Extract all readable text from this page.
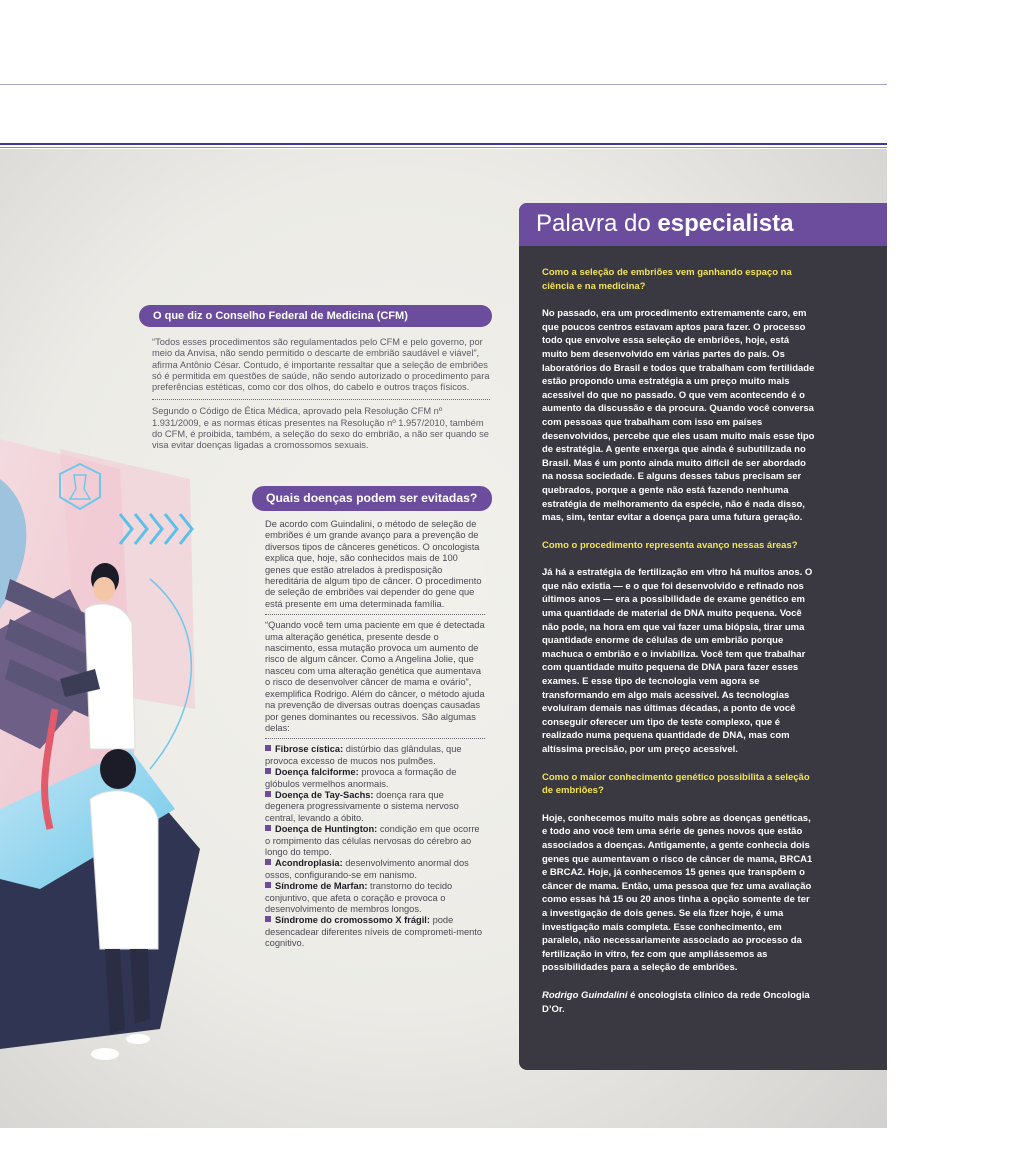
O que diz o Conselho Federal de Medicina (CFM)

“Todos esses procedimentos são regulamentados pelo CFM e pelo governo, por meio da Anvisa, não sendo permitido o descarte de embrião saudável e viável”, afirma Antônio César. Contudo, é importante ressaltar que a seleção de embriões só é permitida em questões de saúde, não sendo autorizado o procedimento para preferências estéticas, como cor dos olhos, do cabelo e outros traços físicos.

Segundo o Código de Ética Médica, aprovado pela Resolução CFM nº 1.931/2009, e as normas éticas presentes na Resolução nº 1.957/2010, também do CFM, é proibida, também, a seleção do sexo do embrião, a não ser quando se visa evitar doenças ligadas a cromossomos sexuais.

Quais doenças podem ser evitadas?

De acordo com Guindalini, o método de seleção de embriões é um grande avanço para a prevenção de diversos tipos de cânceres genéticos. O oncologista explica que, hoje, são conhecidos mais de 100 genes que estão atrelados à predisposição hereditária de algum tipo de câncer. O procedimento de seleção de embriões vai depender do gene que está presente em uma determinada família.

“Quando você tem uma paciente em que é detectada uma alteração genética, presente desde o nascimento, essa mutação provoca um aumento de risco de algum câncer. Como a Angelina Jolie, que nasceu com uma alteração genética que aumentava o risco de desenvolver câncer de mama e ovário”, exemplifica Rodrigo. Além do câncer, o método ajuda na prevenção de diversas outras doenças causadas por genes dominantes ou recessivos. São algumas delas:

Fibrose cística: distúrbio das glândulas, que provoca excesso de mucos nos pulmões.

Doença falciforme: provoca a formação de glóbulos vermelhos anormais.

Doença de Tay-Sachs: doença rara que degenera progressivamente o sistema nervoso central, levando a óbito.

Doença de Huntington: condição em que ocorre o rompimento das células nervosas do cérebro ao longo do tempo.

Acondroplasia: desenvolvimento anormal dos ossos, configurando-se em nanismo.

Síndrome de Marfan: transtorno do tecido conjuntivo, que afeta o coração e provoca o desenvolvimento de membros longos.

Síndrome do cromossomo X frágil: pode desencadear diferentes níveis de comprometi-mento cognitivo.

Palavra do especialista

Como a seleção de embriões vem ganhando espaço na ciência e na medicina?

No passado, era um procedimento extremamente caro, em que poucos centros estavam aptos para fazer. O processo todo que envolve essa seleção de embriões, hoje, está muito bem desenvolvido em várias partes do país. Os laboratórios do Brasil e todos que trabalham com fertilidade estão propondo uma estratégia a um preço muito mais acessível do que no passado. O que vem acontecendo é o aumento da discussão e da procura. Quando você conversa com pessoas que trabalham com isso em países desenvolvidos, percebe que eles usam muito mais esse tipo de estratégia. A gente enxerga que ainda é subutilizada no Brasil. Mas é um ponto ainda muito difícil de ser abordado na nossa sociedade. E alguns desses tabus precisam ser quebrados, porque a gente não está fazendo nenhuma estratégia de melhoramento da espécie, não é nada disso, mas, sim, tentar evitar a doença para uma futura geração.

Como o procedimento representa avanço nessas áreas?

Já há a estratégia de fertilização em vitro há muitos anos. O que não existia — e o que foi desenvolvido e refinado nos últimos anos — era a possibilidade de exame genético em uma quantidade de material de DNA muito pequena. Você não pode, na hora em que vai fazer uma biópsia, tirar uma quantidade enorme de células de um embrião porque machuca o embrião e o inviabiliza. Você tem que trabalhar com quantidade muito pequena de DNA para fazer esses exames. E esse tipo de tecnologia vem agora se transformando em algo mais acessível. As tecnologias evoluíram demais nas últimas décadas, a ponto de você conseguir oferecer um tipo de teste complexo, que é realizado numa pequena quantidade de DNA, mas com altíssima precisão, por um preço acessível.

Como o maior conhecimento genético possibilita a seleção de embriões?

Hoje, conhecemos muito mais sobre as doenças genéticas, e todo ano você tem uma série de genes novos que estão associados a doenças. Antigamente, a gente conhecia dois genes que aumentavam o risco de câncer de mama, BRCA1 e BRCA2. Hoje, já conhecemos 15 genes que transpõem o câncer de mama. Então, uma pessoa que fez uma avaliação como essas há 15 ou 20 anos tinha a opção somente de ter a investigação de dois genes. Se ela fizer hoje, é uma investigação mais completa. Esse conhecimento, em paralelo, não necessariamente associado ao processo da fertilização in vitro, fez com que ampliássemos as possibilidades para a seleção de embriões.

Rodrigo Guindalini é oncologista clínico da rede Oncologia D’Or.
